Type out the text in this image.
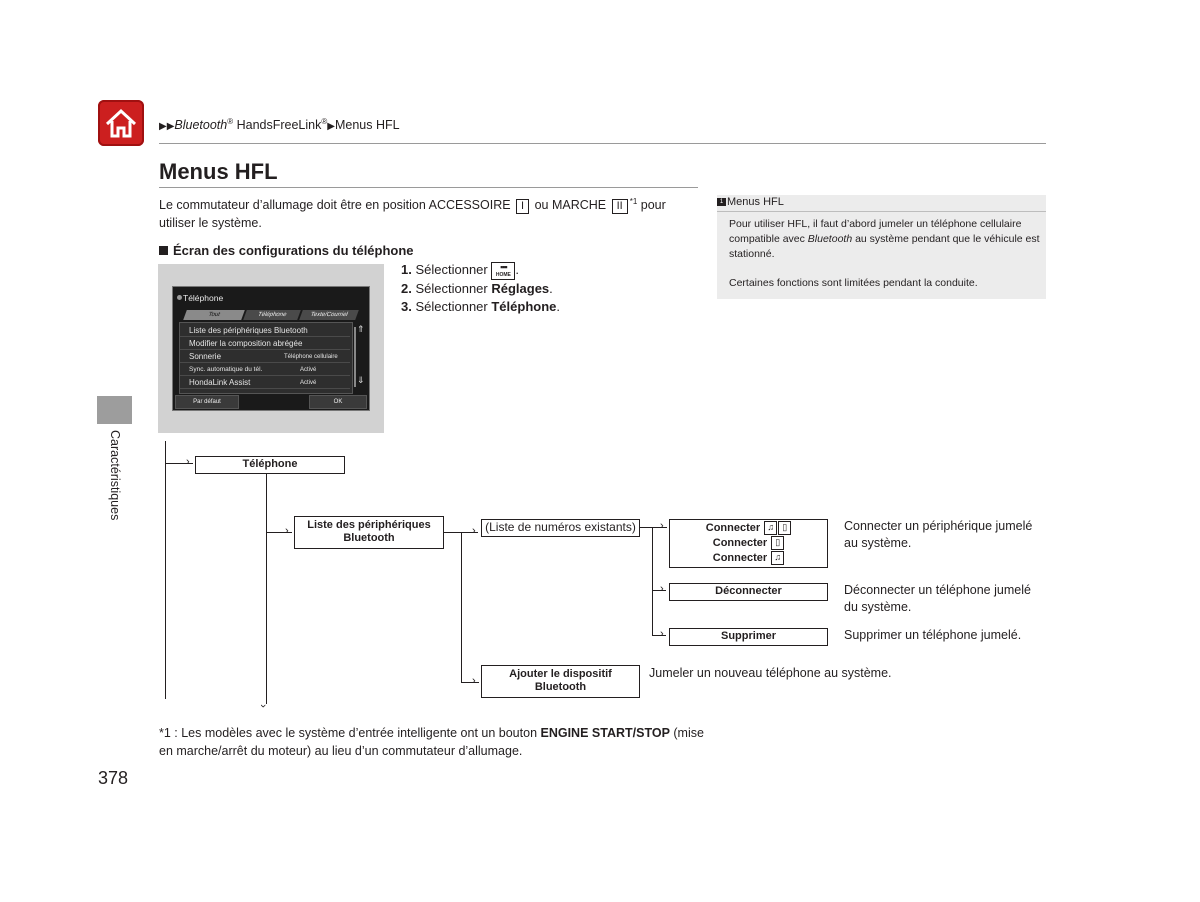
▶▶Bluetooth® HandsFreeLink®▶Menus HFL
Menus HFL
Le commutateur d’allumage doit être en position ACCESSOIRE I ou MARCHE II $^{*1}$ pour utiliser le système.
Écran des configurations du téléphone
1. Sélectionner ▪▪▪
HOME .
2. Sélectionner Réglages.
3. Sélectionner Téléphone.
Téléphone
Tout	Téléphone	Texte/Courriel
Liste des périphériques Bluetooth
Modifier la composition abrégée
Sonnerie	Téléphone cellulaire
Sync. automatique du tél.	Activé
HondaLink Assist	Activé
⇑
⇓
Par défaut	OK
Caractéristiques
1 Menus HFL
Pour utiliser HFL, il faut d’abord jumeler un téléphone cellulaire compatible avec Bluetooth au système pendant que le véhicule est stationné.
Certaines fonctions sont limitées pendant la conduite.
›
›
›	›
›
›
›
›
Téléphone
Liste des périphériques Bluetooth
(Liste de numéros existants)	Connecter ♫ ▯
Connecter ▯
Connecter ♫
Déconnecter
Supprimer
Ajouter le dispositif Bluetooth
Connecter un périphérique jumelé au système.
Déconnecter un téléphone jumelé du système.
Supprimer un téléphone jumelé.
Jumeler un nouveau téléphone au système.
*1 : Les modèles avec le système d’entrée intelligente ont un bouton ENGINE START/STOP (mise en marche/arrêt du moteur) au lieu d’un commutateur d’allumage.
378
